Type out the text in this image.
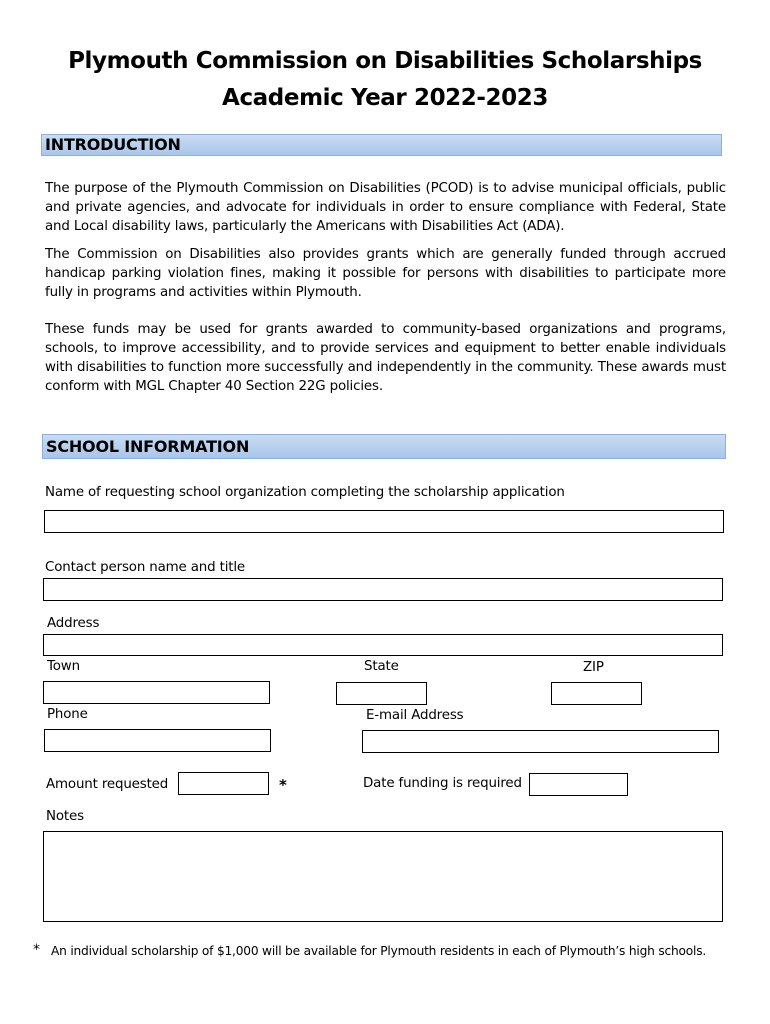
Plymouth Commission on Disabilities Scholarships
Academic Year 2022-2023
INTRODUCTION
The purpose of the Plymouth Commission on Disabilities (PCOD) is to advise municipal officials, public and private agencies, and advocate for individuals in order to ensure compliance with Federal, State and Local disability laws, particularly the Americans with Disabilities Act (ADA).
The Commission on Disabilities also provides grants which are generally funded through accrued handicap parking violation fines, making it possible for persons with disabilities to participate more fully in programs and activities within Plymouth.
These funds may be used for grants awarded to community-based organizations and programs, schools, to improve accessibility, and to provide services and equipment to better enable individuals with disabilities to function more successfully and independently in the community. These awards must conform with MGL Chapter 40 Section 22G policies.
SCHOOL INFORMATION
Name of requesting school organization completing the scholarship application
Contact person name and title
Address
Town	State	ZIP
Phone	E-mail Address
Amount requested	*	Date funding is required
Notes
* An individual scholarship of $1,000 will be available for Plymouth residents in each of Plymouth’s high schools.
